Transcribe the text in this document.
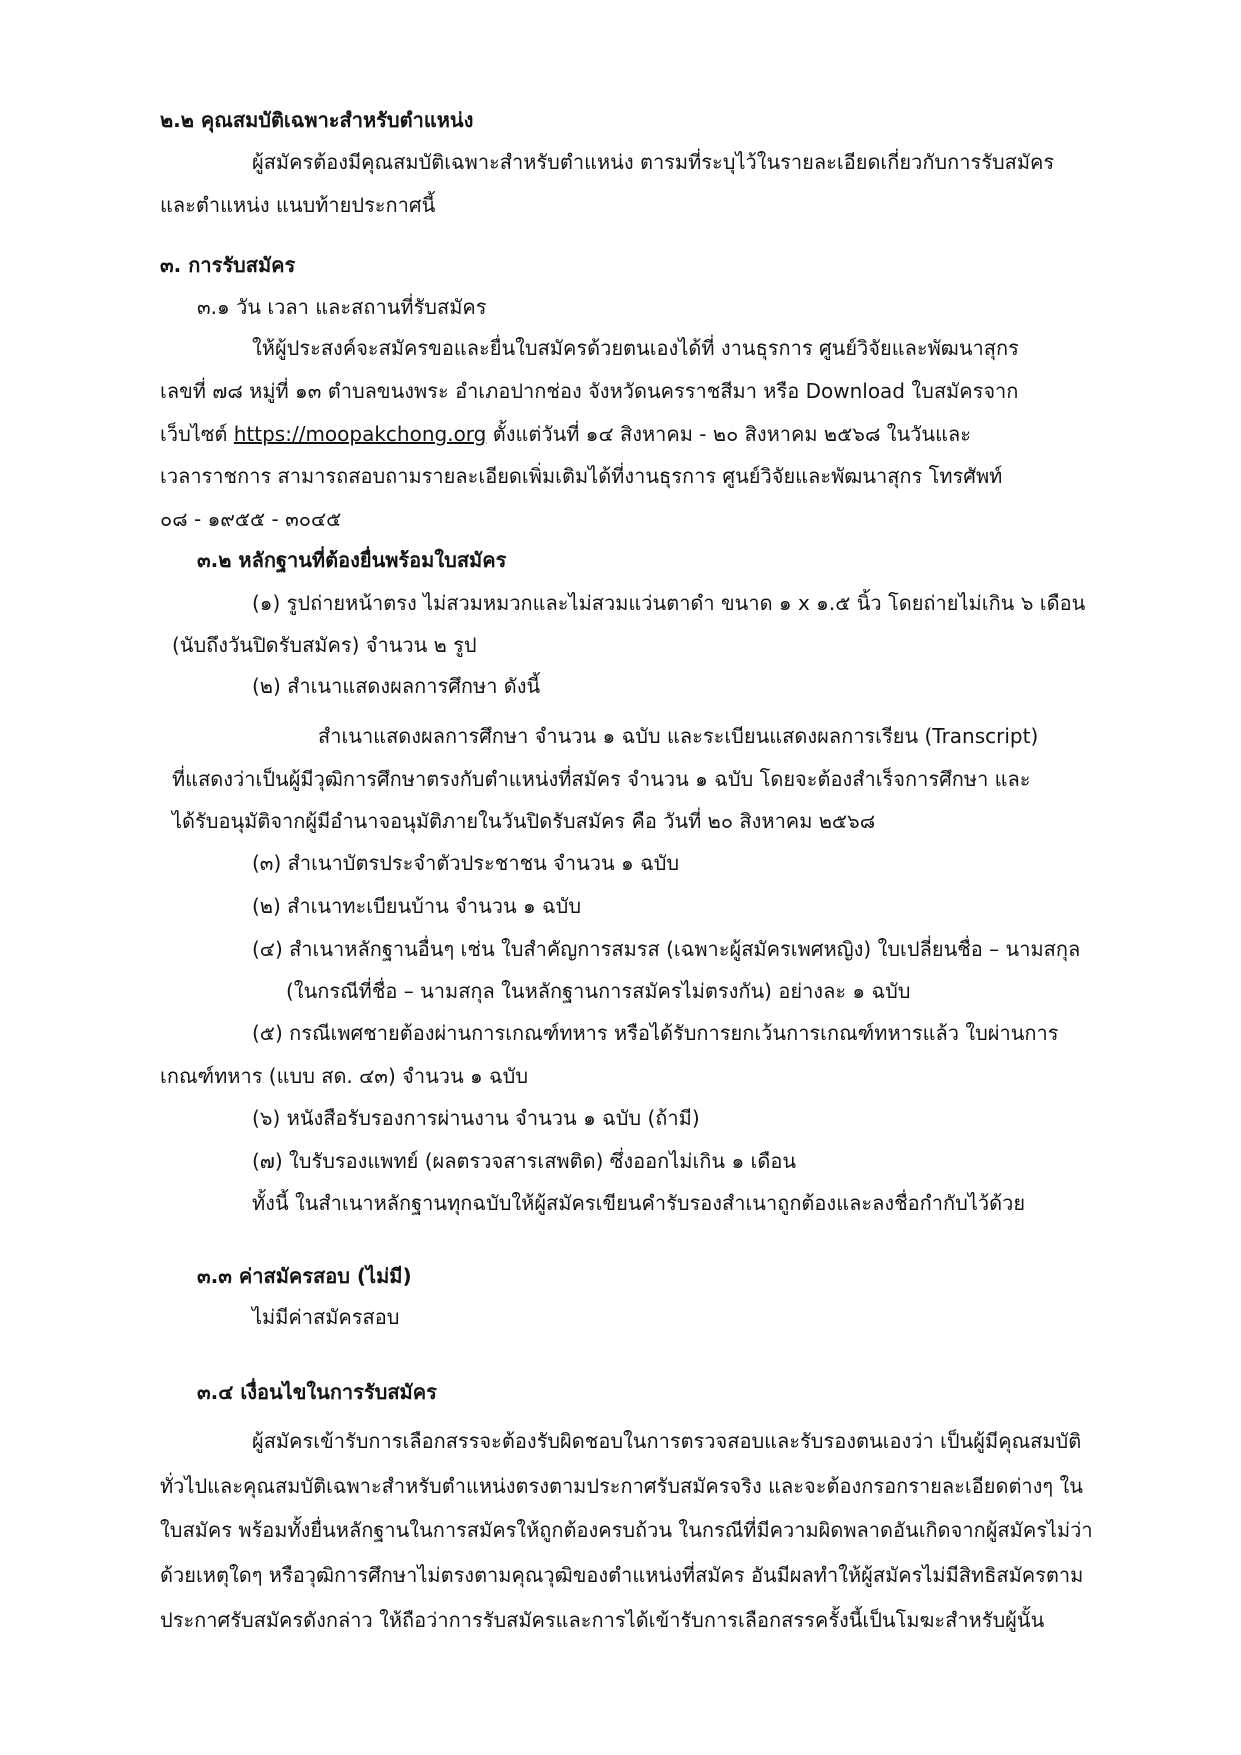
๒.๒ คุณสมบัติเฉพาะสำหรับตำแหน่ง
ผู้สมัครต้องมีคุณสมบัติเฉพาะสำหรับตำแหน่ง ตารมที่ระบุไว้ในรายละเอียดเกี่ยวกับการรับสมัคร
และตำแหน่ง แนบท้ายประกาศนี้
๓. การรับสมัคร
๓.๑ วัน เวลา และสถานที่รับสมัคร
ให้ผู้ประสงค์จะสมัครขอและยื่นใบสมัครด้วยตนเองได้ที่ งานธุรการ ศูนย์วิจัยและพัฒนาสุกร
เลขที่ ๗๘ หมู่ที่ ๑๓ ตำบลขนงพระ อำเภอปากช่อง จังหวัดนครราชสีมา หรือ Download ใบสมัครจาก
เว็บไซต์ https://moopakchong.org ตั้งแต่วันที่ ๑๔ สิงหาคม - ๒๐ สิงหาคม ๒๕๖๘ ในวันและ
เวลาราชการ สามารถสอบถามรายละเอียดเพิ่มเติมได้ที่งานธุรการ ศูนย์วิจัยและพัฒนาสุกร โทรศัพท์
๐๘ - ๑๙๕๕ - ๓๐๔๕
๓.๒ หลักฐานที่ต้องยื่นพร้อมใบสมัคร
(๑) รูปถ่ายหน้าตรง ไม่สวมหมวกและไม่สวมแว่นตาดำ ขนาด ๑ x ๑.๕ นิ้ว โดยถ่ายไม่เกิน ๖ เดือน
(นับถึงวันปิดรับสมัคร) จำนวน ๒ รูป
(๒) สำเนาแสดงผลการศึกษา ดังนี้
สำเนาแสดงผลการศึกษา จำนวน ๑ ฉบับ และระเบียนแสดงผลการเรียน (Transcript)
ที่แสดงว่าเป็นผู้มีวุฒิการศึกษาตรงกับตำแหน่งที่สมัคร จำนวน ๑ ฉบับ โดยจะต้องสำเร็จการศึกษา และ
ได้รับอนุมัติจากผู้มีอำนาจอนุมัติภายในวันปิดรับสมัคร คือ วันที่ ๒๐ สิงหาคม ๒๕๖๘
(๓) สำเนาบัตรประจำตัวประชาชน จำนวน ๑ ฉบับ
(๒) สำเนาทะเบียนบ้าน จำนวน ๑ ฉบับ
(๔) สำเนาหลักฐานอื่นๆ เช่น ใบสำคัญการสมรส (เฉพาะผู้สมัครเพศหญิง) ใบเปลี่ยนชื่อ – นามสกุล
(ในกรณีที่ชื่อ – นามสกุล ในหลักฐานการสมัครไม่ตรงกัน) อย่างละ ๑ ฉบับ
(๕) กรณีเพศชายต้องผ่านการเกณฑ์ทหาร หรือได้รับการยกเว้นการเกณฑ์ทหารแล้ว ใบผ่านการ
เกณฑ์ทหาร (แบบ สด. ๔๓) จำนวน ๑ ฉบับ
(๖) หนังสือรับรองการผ่านงาน จำนวน ๑ ฉบับ (ถ้ามี)
(๗) ใบรับรองแพทย์ (ผลตรวจสารเสพติด) ซึ่งออกไม่เกิน ๑ เดือน
ทั้งนี้ ในสำเนาหลักฐานทุกฉบับให้ผู้สมัครเขียนคำรับรองสำเนาถูกต้องและลงชื่อกำกับไว้ด้วย
๓.๓ ค่าสมัครสอบ (ไม่มี)
ไม่มีค่าสมัครสอบ
๓.๔ เงื่อนไขในการรับสมัคร
ผู้สมัครเข้ารับการเลือกสรรจะต้องรับผิดชอบในการตรวจสอบและรับรองตนเองว่า เป็นผู้มีคุณสมบัติ
ทั่วไปและคุณสมบัติเฉพาะสำหรับตำแหน่งตรงตามประกาศรับสมัครจริง และจะต้องกรอกรายละเอียดต่างๆ ใน
ใบสมัคร พร้อมทั้งยื่นหลักฐานในการสมัครให้ถูกต้องครบถ้วน ในกรณีที่มีความผิดพลาดอันเกิดจากผู้สมัครไม่ว่า
ด้วยเหตุใดๆ หรือวุฒิการศึกษาไม่ตรงตามคุณวุฒิของตำแหน่งที่สมัคร อันมีผลทำให้ผู้สมัครไม่มีสิทธิสมัครตาม
ประกาศรับสมัครดังกล่าว ให้ถือว่าการรับสมัครและการได้เข้ารับการเลือกสรรครั้งนี้เป็นโมฆะสำหรับผู้นั้น
